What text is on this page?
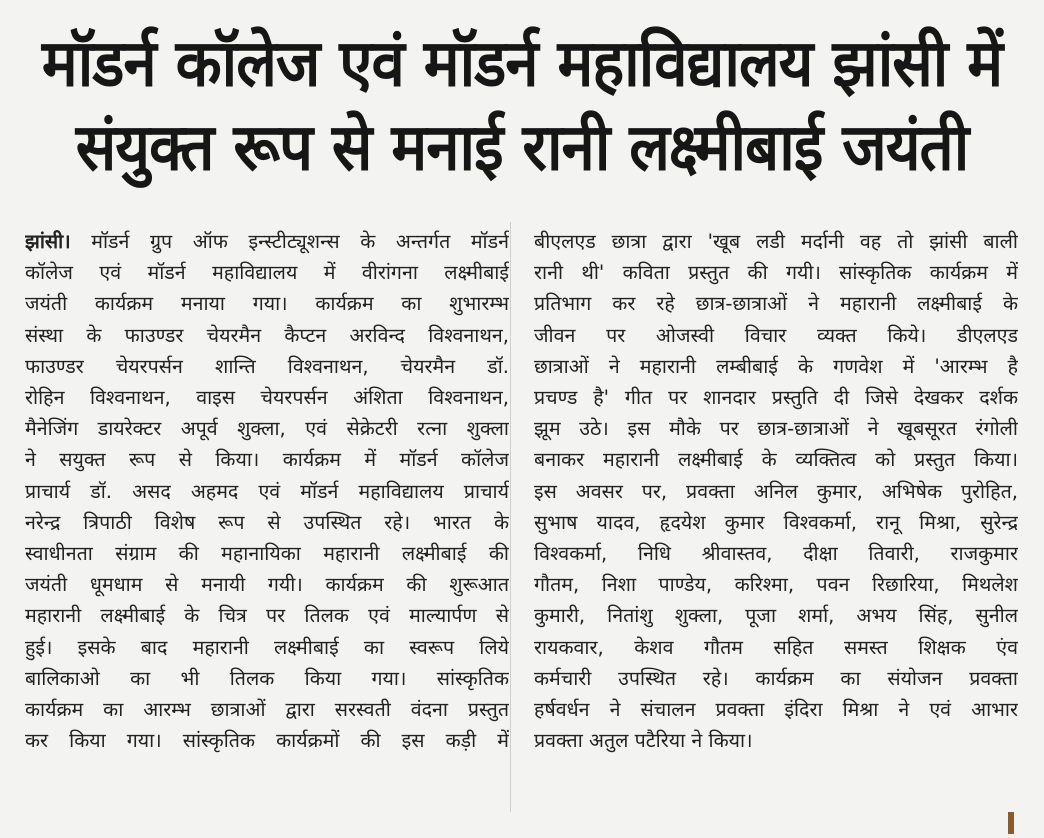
मॉडर्न कॉलेज एवं मॉडर्न महाविद्यालय झांसी में
संयुक्त रूप से मनाई रानी लक्ष्मीबाई जयंती
झांसी। मॉडर्न ग्रुप ऑफ इन्स्टीट्यूशन्स के अन्तर्गत मॉडर्न
कॉलेज एवं मॉडर्न महाविद्यालय में वीरांगना लक्ष्मीबाई
जयंती कार्यक्रम मनाया गया। कार्यक्रम का शुभारम्भ
संस्था के फाउण्डर चेयरमैन कैप्टन अरविन्द विश्वनाथन,
फाउण्डर चेयरपर्सन शान्ति विश्वनाथन, चेयरमैन डॉ.
रोहिन विश्वनाथन, वाइस चेयरपर्सन अंशिता विश्वनाथन,
मैनेजिंग डायरेक्टर अपूर्व शुक्ला, एवं सेक्रेटरी रत्ना शुक्ला
ने सयुक्त रूप से किया। कार्यक्रम में मॉडर्न कॉलेज
प्राचार्य डॉ. असद अहमद एवं मॉडर्न महाविद्यालय प्राचार्य
नरेन्द्र त्रिपाठी विशेष रूप से उपस्थित रहे। भारत के
स्वाधीनता संग्राम की महानायिका महारानी लक्ष्मीबाई की
जयंती धूमधाम से मनायी गयी। कार्यक्रम की शुरूआत
महारानी लक्ष्मीबाई के चित्र पर तिलक एवं माल्यार्पण से
हुई। इसके बाद महारानी लक्ष्मीबाई का स्वरूप लिये
बालिकाओ का भी तिलक किया गया। सांस्कृतिक
कार्यक्रम का आरम्भ छात्राओं द्वारा सरस्वती वंदना प्रस्तुत
कर किया गया। सांस्कृतिक कार्यक्रमों की इस कड़ी में
बीएलएड छात्रा द्वारा 'खूब लडी मर्दानी वह तो झांसी बाली
रानी थी' कविता प्रस्तुत की गयी। सांस्कृतिक कार्यक्रम में
प्रतिभाग कर रहे छात्र-छात्राओं ने महारानी लक्ष्मीबाई के
जीवन पर ओजस्वी विचार व्यक्त किये। डीएलएड
छात्राओं ने महारानी लम्बीबाई के गणवेश में 'आरम्भ है
प्रचण्ड है' गीत पर शानदार प्रस्तुति दी जिसे देखकर दर्शक
झूम उठे। इस मौके पर छात्र-छात्राओं ने खूबसूरत रंगोली
बनाकर महारानी लक्ष्मीबाई के व्यक्तित्व को प्रस्तुत किया।
इस अवसर पर, प्रवक्ता अनिल कुमार, अभिषेक पुरोहित,
सुभाष यादव, हृदयेश कुमार विश्वकर्मा, रानू मिश्रा, सुरेन्द्र
विश्वकर्मा, निधि श्रीवास्तव, दीक्षा तिवारी, राजकुमार
गौतम, निशा पाण्डेय, करिश्मा, पवन रिछारिया, मिथलेश
कुमारी, नितांशु शुक्ला, पूजा शर्मा, अभय सिंह, सुनील
रायकवार, केशव गौतम सहित समस्त शिक्षक एंव
कर्मचारी उपस्थित रहे। कार्यक्रम का संयोजन प्रवक्ता
हर्षवर्धन ने संचालन प्रवक्ता इंदिरा मिश्रा ने एवं आभार
प्रवक्ता अतुल पटैरिया ने किया।
